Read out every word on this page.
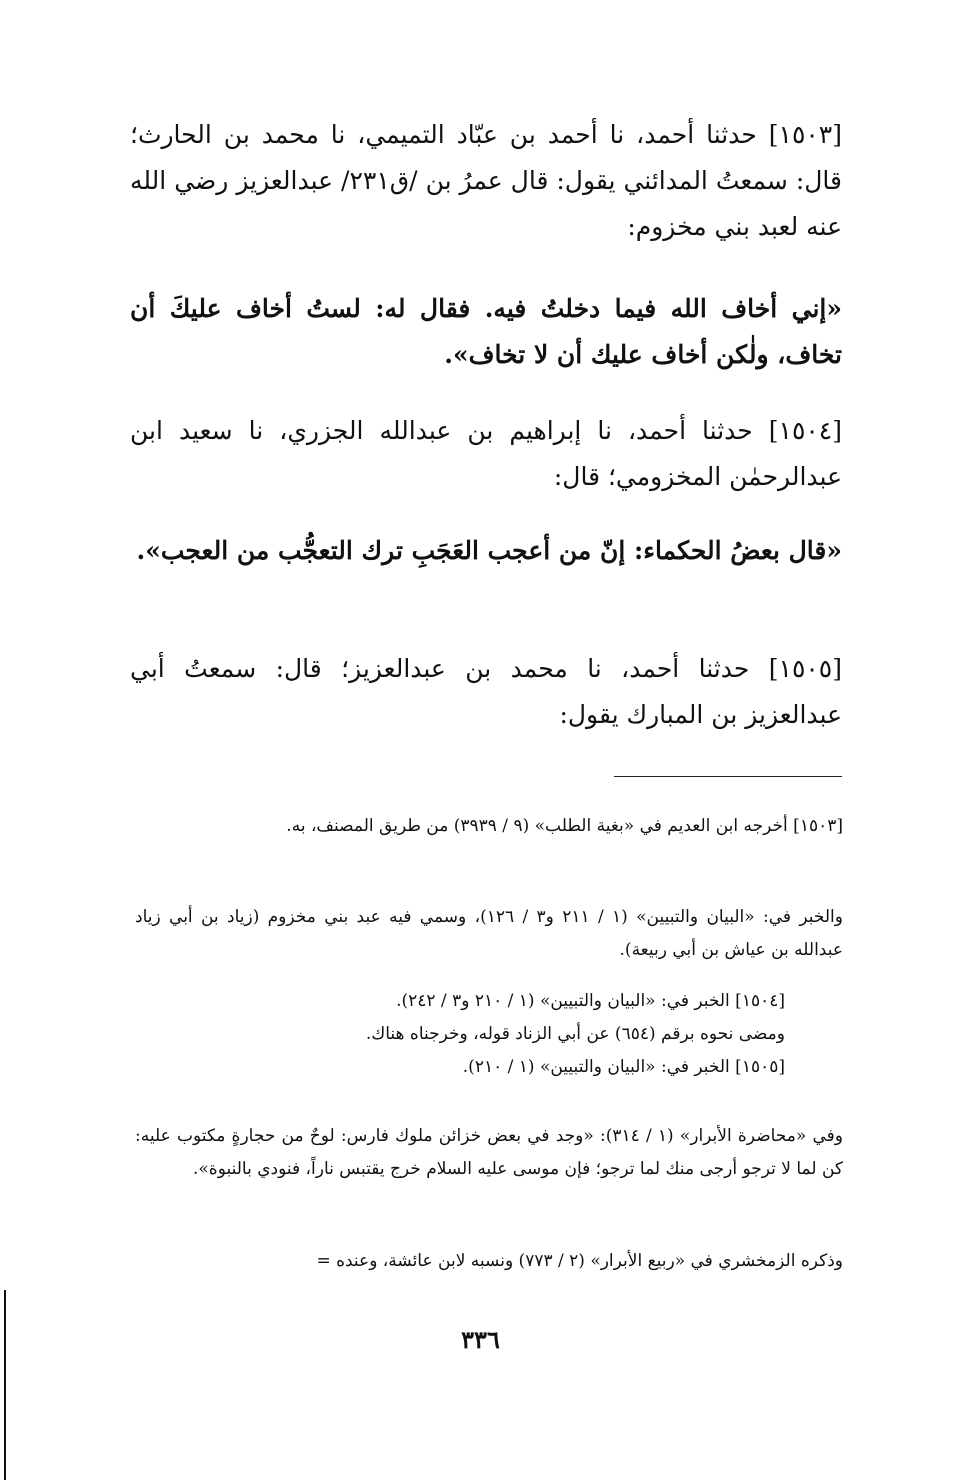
[١٥٠٣] حدثنا أحمد، نا أحمد بن عبّاد التميمي، نا محمد بن الحارث؛ قال: سمعتُ المدائني يقول: قال عمرُ بن /ق٢٣١/ عبدالعزيز رضي الله عنه لعبد بني مخزوم:

«إني أخاف الله فيما دخلتُ فيه. فقال له: لستُ أخاف عليكَ أن تخاف، ولٰكن أخاف عليك أن لا تخاف».

[١٥٠٤] حدثنا أحمد، نا إبراهيم بن عبدالله الجزري، نا سعيد ابن عبدالرحمٰن المخزومي؛ قال:

«قال بعضُ الحكماء: إنّ من أعجب العَجَبِ ترك التعجُّب من العجب».

[١٥٠٥] حدثنا أحمد، نا محمد بن عبدالعزيز؛ قال: سمعتُ أبي عبدالعزيز بن المبارك يقول:

[١٥٠٣] أخرجه ابن العديم في «بغية الطلب» (٩ / ٣٩٣٩) من طريق المصنف، به.
والخبر في: «البيان والتبيين» (١ / ٢١١ و٣ / ١٢٦)، وسمي فيه عبد بني مخزوم (زياد بن أبي زياد عبدالله بن عياش بن أبي ربيعة).
[١٥٠٤] الخبر في: «البيان والتبيين» (١ / ٢١٠ و٣ / ٢٤٢).
ومضى نحوه برقم (٦٥٤) عن أبي الزناد قوله، وخرجناه هناك.
[١٥٠٥] الخبر في: «البيان والتبيين» (١ / ٢١٠).
وفي «محاضرة الأبرار» (١ / ٣١٤): «وجد في بعض خزائن ملوك فارس: لوحٌ من حجارةٍ مكتوب عليه: كن لما لا ترجو أرجى منك لما ترجو؛ فإن موسى عليه السلام خرج يقتبس ناراً، فنودي بالنبوة».
وذكره الزمخشري في «ربيع الأبرار» (٢ / ٧٧٣) ونسبه لابن عائشة، وعنده =
٣٣٦
